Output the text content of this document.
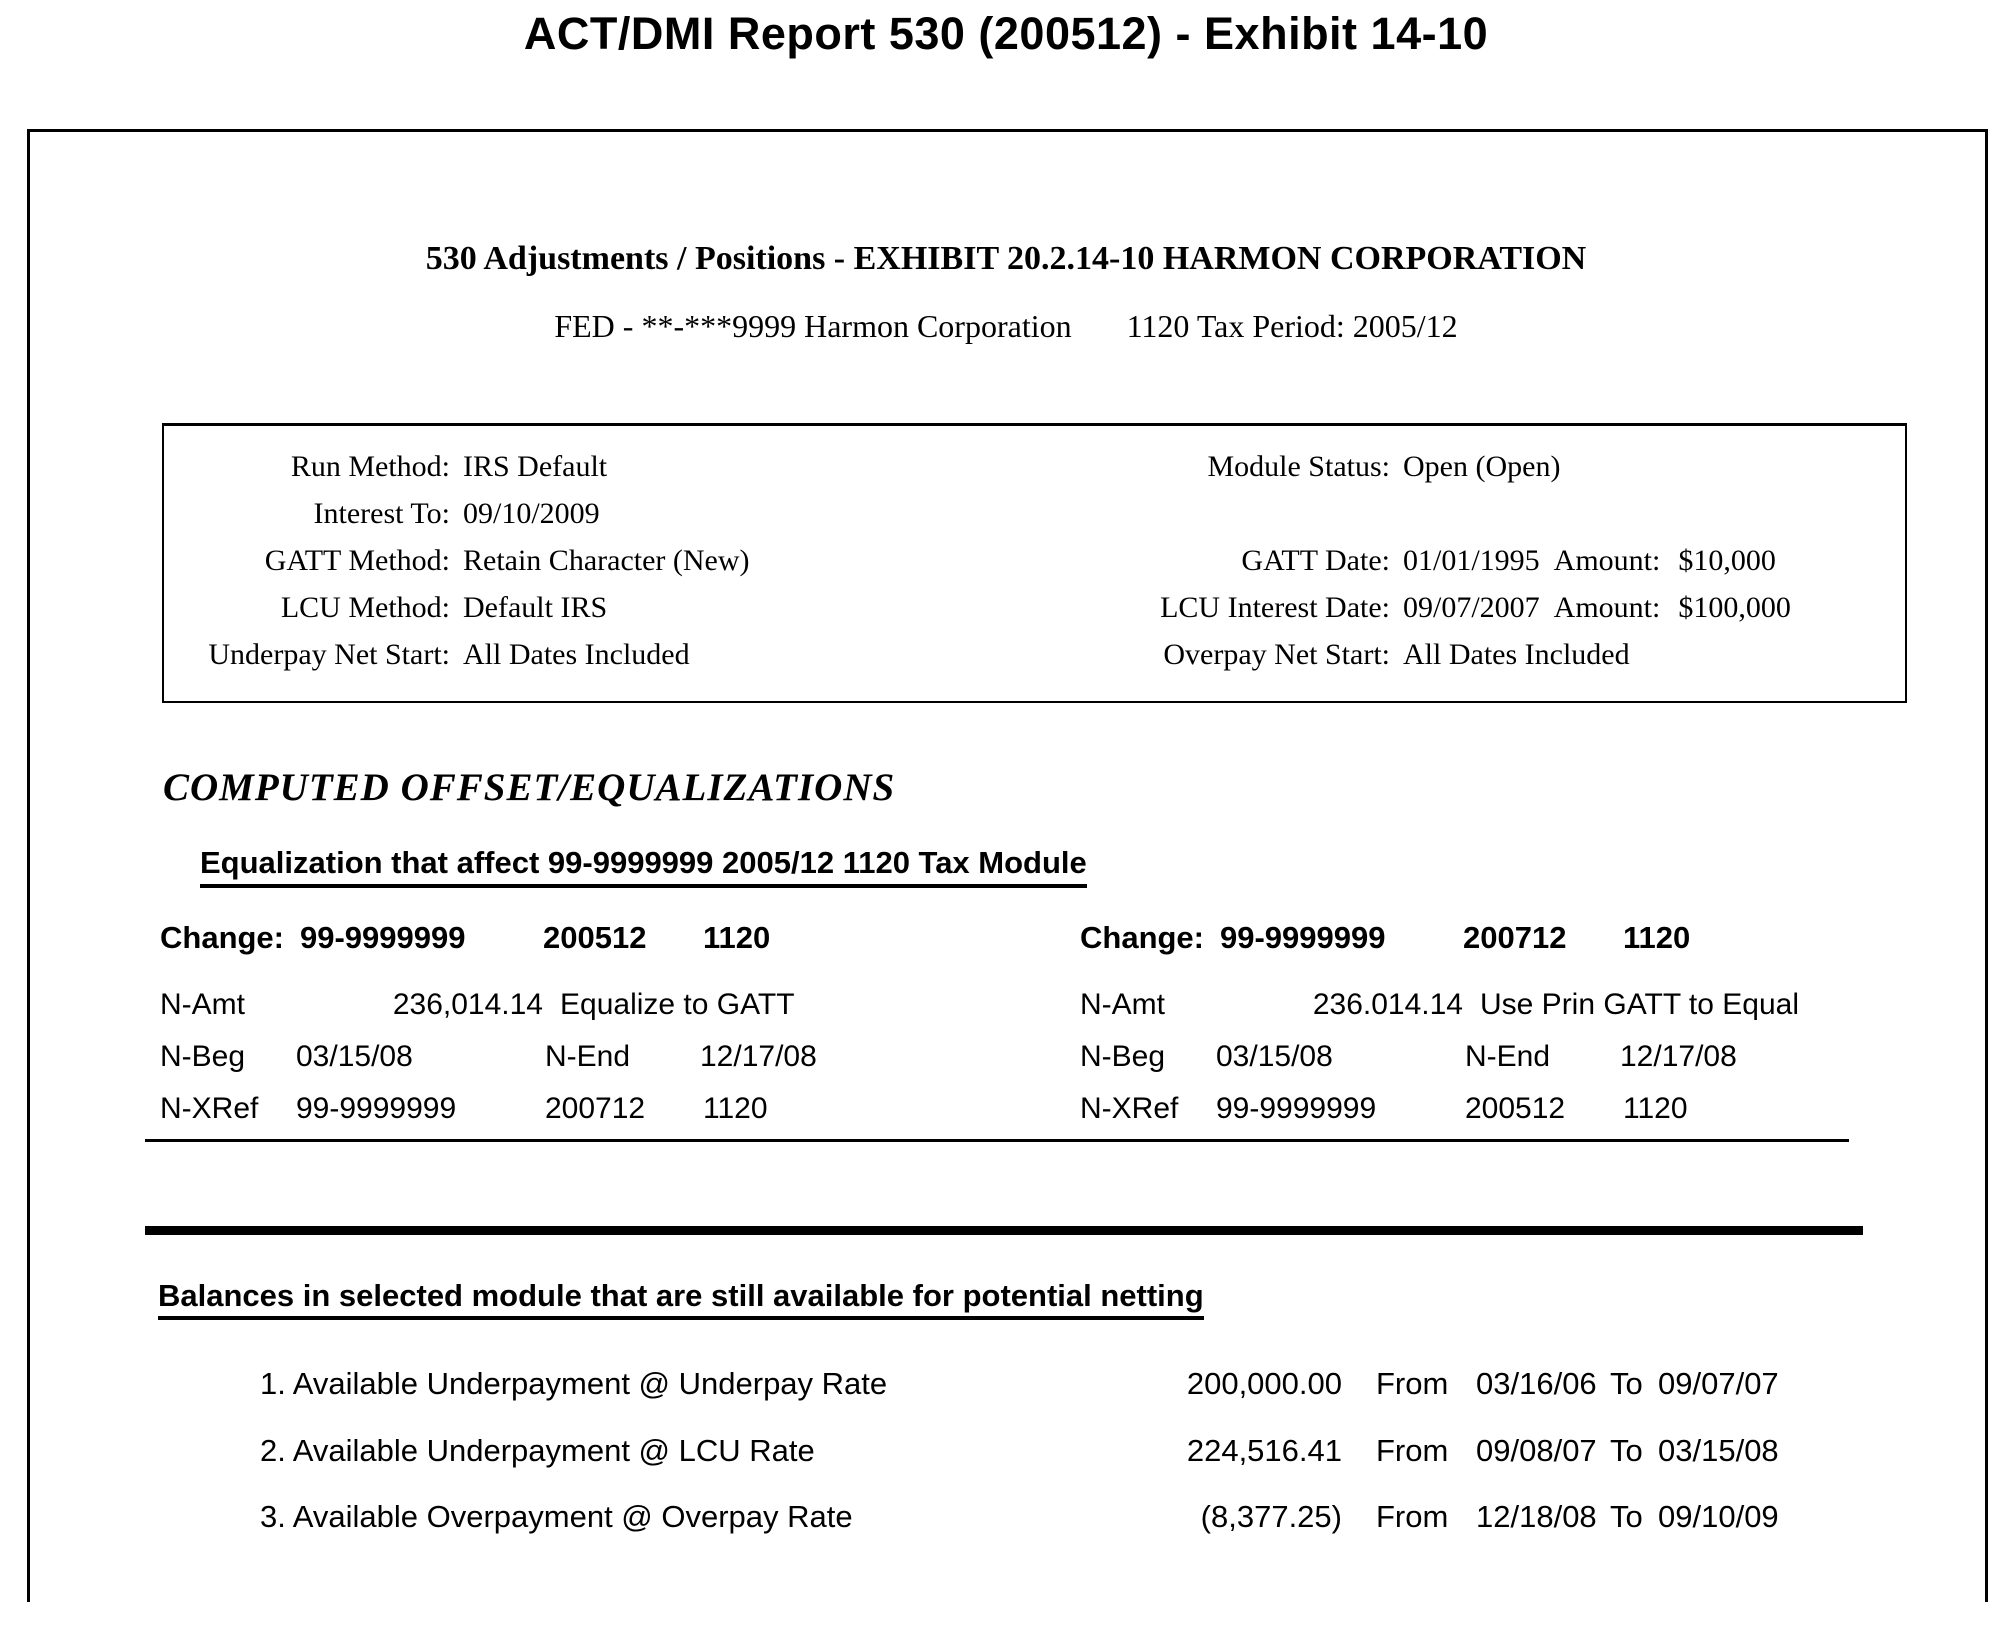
ACT/DMI Report 530 (200512) - Exhibit 14-10
530 Adjustments / Positions - EXHIBIT 20.2.14-10 HARMON CORPORATION
FED - **-***9999 Harmon Corporation 1120 Tax Period: 2005/12
Run Method: IRS Default
Interest To: 09/10/2009
GATT Method: Retain Character (New)
LCU Method: Default IRS
Underpay Net Start: All Dates Included
Module Status: Open (Open)
GATT Date: 01/01/1995 Amount: $10,000
LCU Interest Date: 09/07/2007 Amount: $100,000
Overpay Net Start: All Dates Included
COMPUTED OFFSET/EQUALIZATIONS
Equalization that affect 99-9999999 2005/12 1120 Tax Module
Change: 99-9999999	200512 1120
N-Amt	236,014.14 Equalize to GATT
N-Beg 03/15/08	N-End 12/17/08
N-XRef 99-9999999	200712 1120
Change: 99-9999999	200712 1120
N-Amt	236.014.14 Use Prin GATT to Equal
N-Beg 03/15/08	N-End 12/17/08
N-XRef 99-9999999	200512 1120
Balances in selected module that are still available for potential netting
1. Available Underpayment @ Underpay Rate	200,000.00 From 03/16/06 To 09/07/07
2. Available Underpayment @ LCU Rate	224,516.41 From 09/08/07 To 03/15/08
3. Available Overpayment @ Overpay Rate	(8,377.25) From 12/18/08 To 09/10/09
